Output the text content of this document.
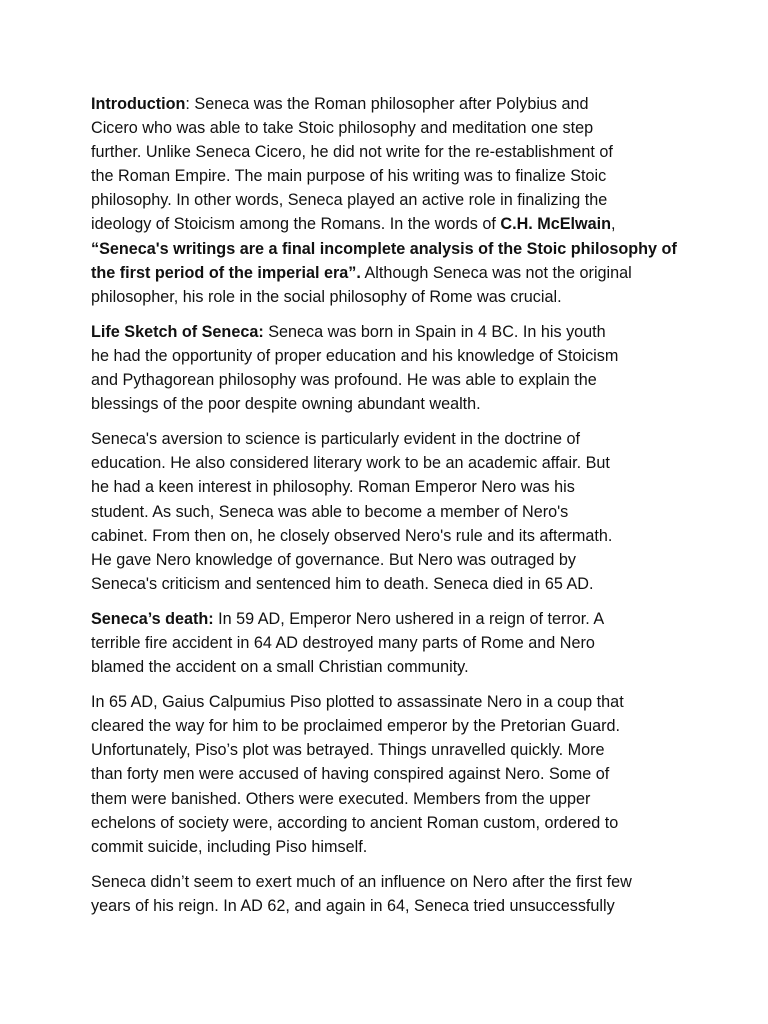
Introduction: Seneca was the Roman philosopher after Polybius and
Cicero who was able to take Stoic philosophy and meditation one step
further. Unlike Seneca Cicero, he did not write for the re-establishment of
the Roman Empire. The main purpose of his writing was to finalize Stoic
philosophy. In other words, Seneca played an active role in finalizing the
ideology of Stoicism among the Romans. In the words of C.H. McElwain,
“Seneca's writings are a final incomplete analysis of the Stoic philosophy of
the first period of the imperial era”. Although Seneca was not the original
philosopher, his role in the social philosophy of Rome was crucial.

Life Sketch of Seneca: Seneca was born in Spain in 4 BC. In his youth
he had the opportunity of proper education and his knowledge of Stoicism
and Pythagorean philosophy was profound. He was able to explain the
blessings of the poor despite owning abundant wealth.

Seneca's aversion to science is particularly evident in the doctrine of
education. He also considered literary work to be an academic affair. But
he had a keen interest in philosophy. Roman Emperor Nero was his
student. As such, Seneca was able to become a member of Nero's
cabinet. From then on, he closely observed Nero's rule and its aftermath.
He gave Nero knowledge of governance. But Nero was outraged by
Seneca's criticism and sentenced him to death. Seneca died in 65 AD.

Seneca’s death: In 59 AD, Emperor Nero ushered in a reign of terror. A
terrible fire accident in 64 AD destroyed many parts of Rome and Nero
blamed the accident on a small Christian community.

In 65 AD, Gaius Calpumius Piso plotted to assassinate Nero in a coup that
cleared the way for him to be proclaimed emperor by the Pretorian Guard.
Unfortunately, Piso’s plot was betrayed. Things unravelled quickly. More
than forty men were accused of having conspired against Nero. Some of
them were banished. Others were executed. Members from the upper
echelons of society were, according to ancient Roman custom, ordered to
commit suicide, including Piso himself.

Seneca didn’t seem to exert much of an influence on Nero after the first few
years of his reign. In AD 62, and again in 64, Seneca tried unsuccessfully
